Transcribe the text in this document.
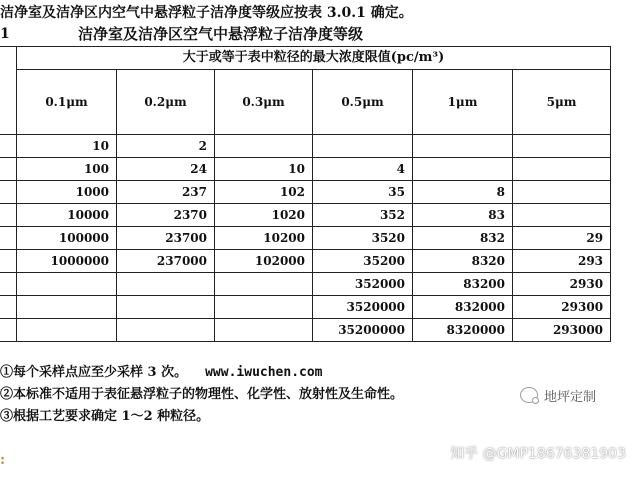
洁净室及洁净区内空气中悬浮粒子洁净度等级应按表 3.0.1 确定。
1	洁净室及洁净区空气中悬浮粒子洁净度等级
	大于或等于表中粒径的最大浓度限值(pc/m³)					
	0.1μm	0.2μm	0.3μm	0.5μm	1μm	5μm
	10	2				
	100	24	10	4		
	1000	237	102	35	8	
	10000	2370	1020	352	83	
	100000	23700	10200	3520	832	29
	1000000	237000	102000	35200	8320	293
				352000	83200	2930
				3520000	832000	29300
				35200000	8320000	293000
①每个采样点应至少采样 3 次。 www.iwuchen.com
②本标准不适用于表征悬浮粒子的物理性、化学性、放射性及生命性。
③根据工艺要求确定 1～2 种粒径。
地坪定制
:	知乎 @GMP18676381903
